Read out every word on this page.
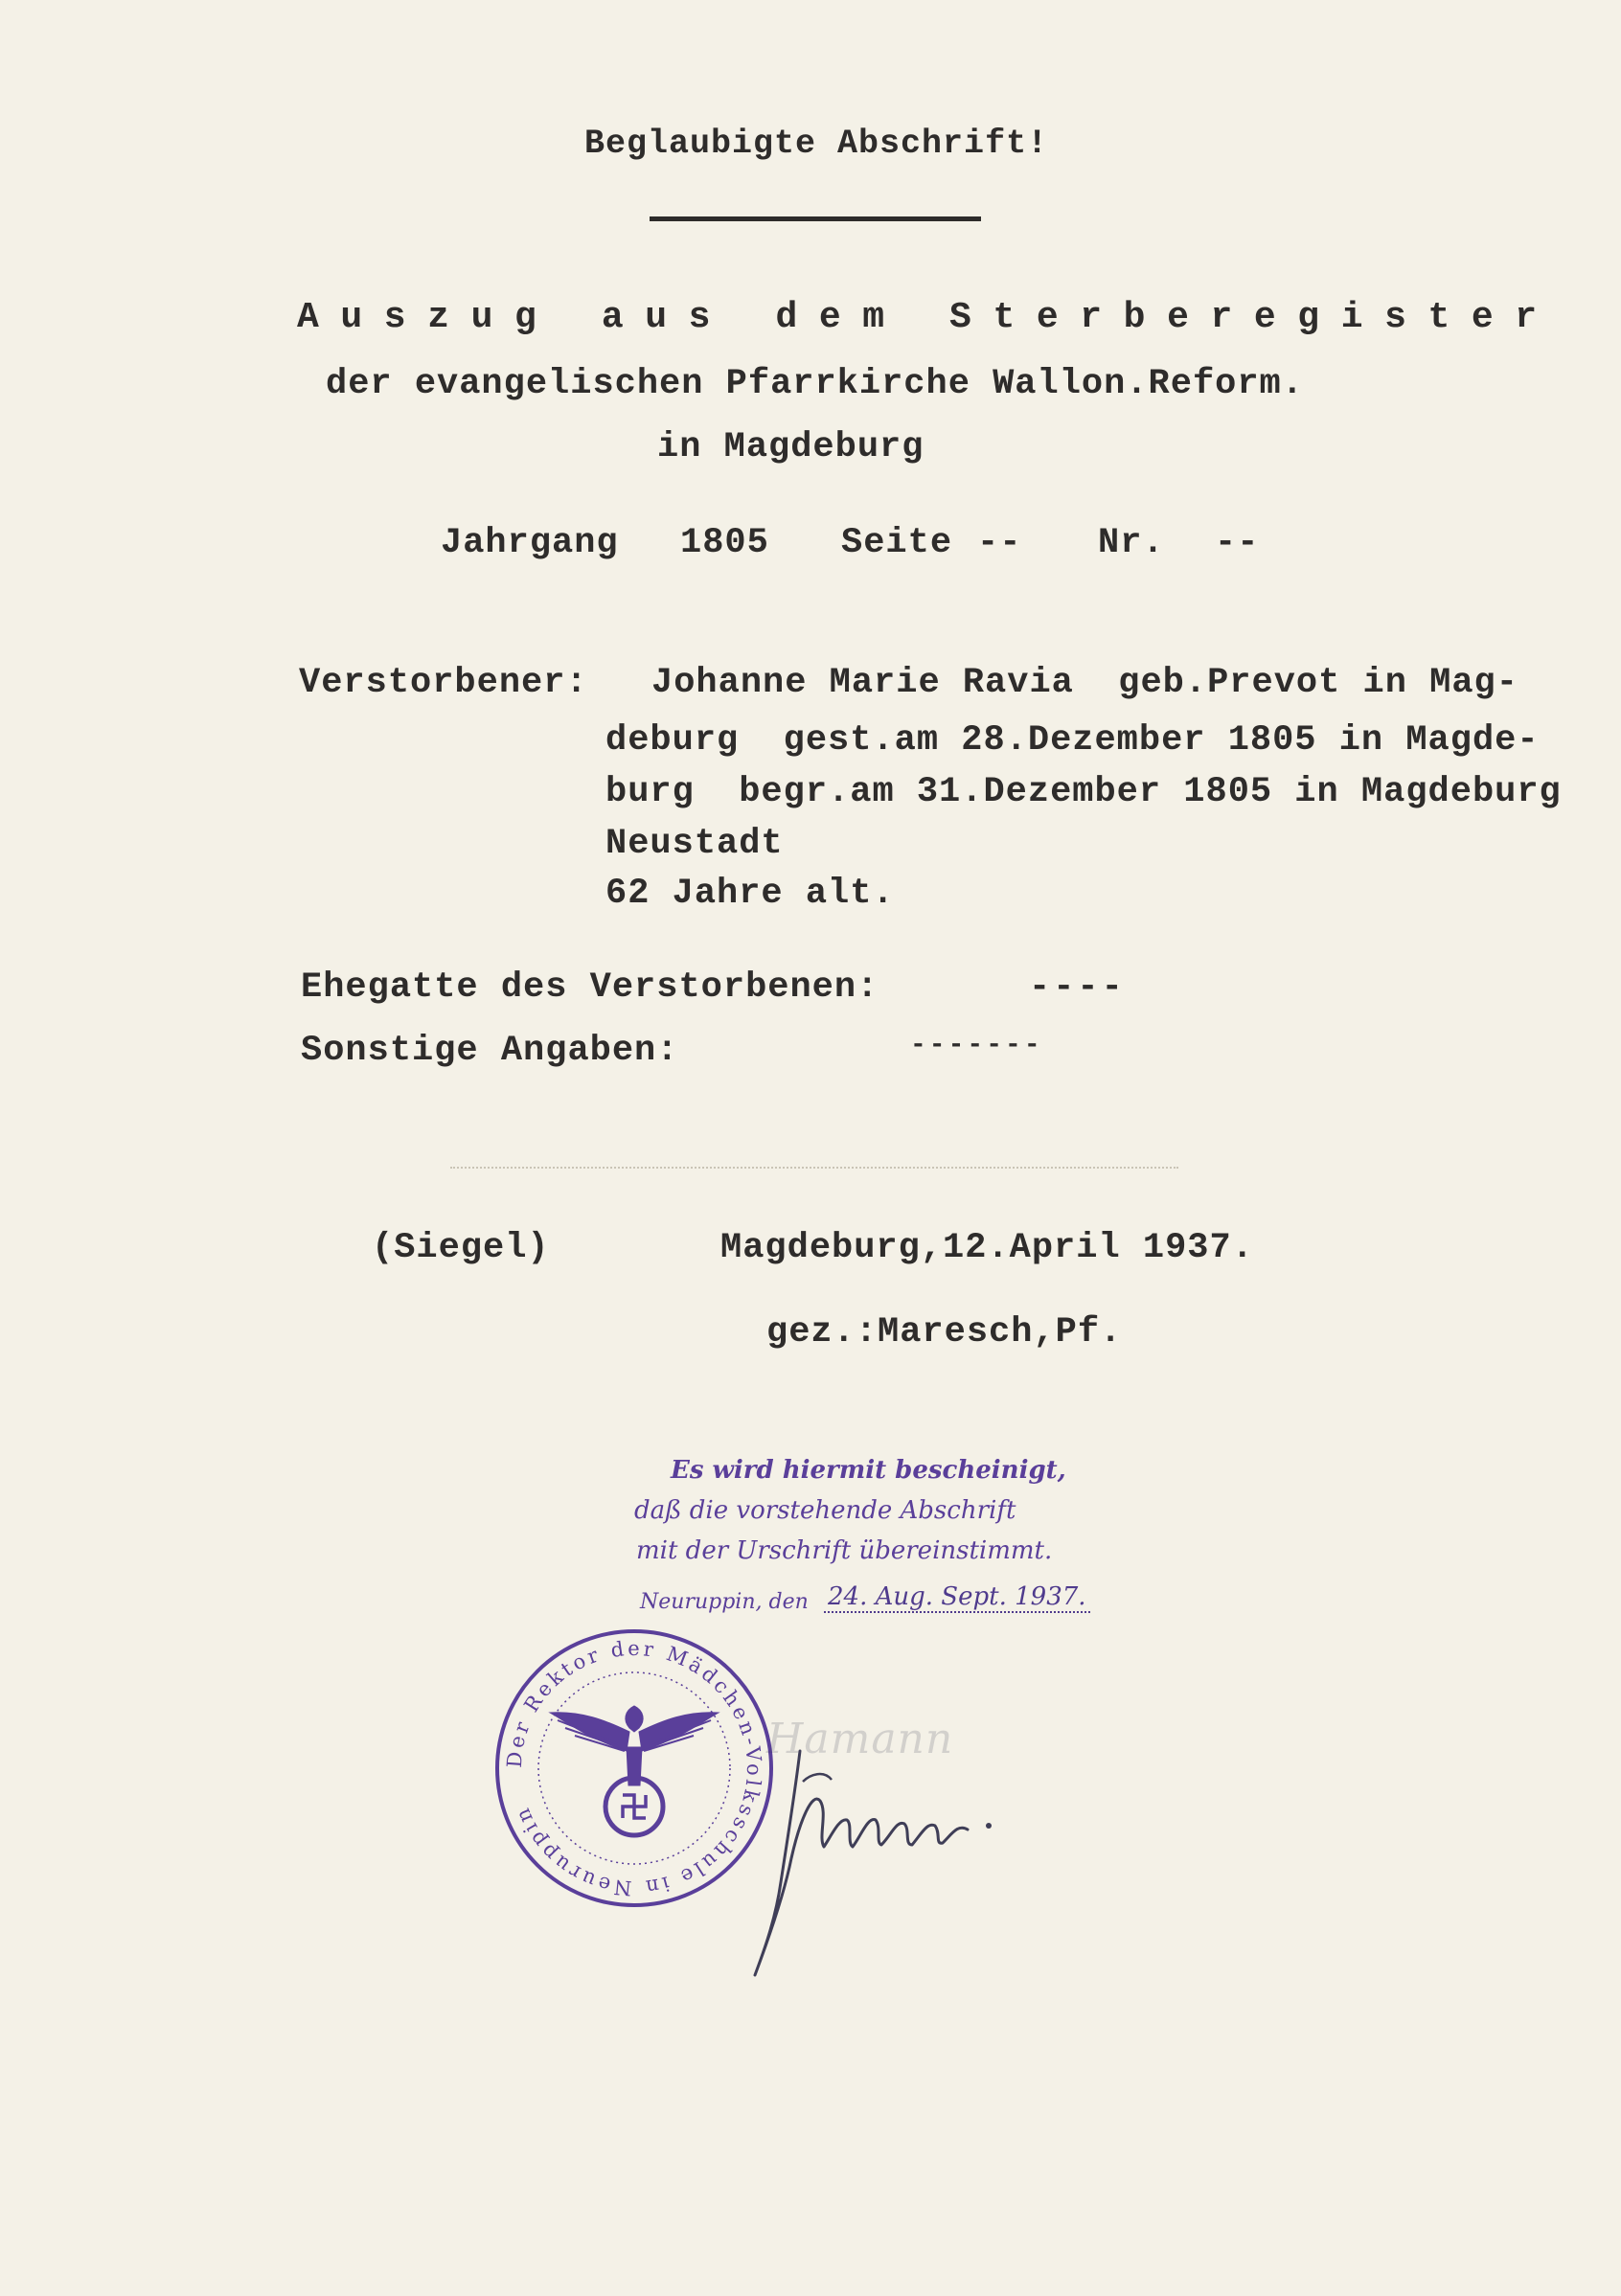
Beglaubigte Abschrift!
Auszug aus dem Sterberegister
der evangelischen Pfarrkirche Wallon.Reform.
in Magdeburg
Jahrgang 1805 Seite -- Nr. --
Verstorbener: Johanne Marie Ravia  geb.Prevot in Mag-
deburg  gest.am 28.Dezember 1805 in Magde-
burg  begr.am 31.Dezember 1805 in Magdeburg
Neustadt
62 Jahre alt.
Ehegatte des Verstorbenen:	----
Sonstige Angaben:	-------
(Siegel)	Magdeburg,12.April 1937.
gez.:Maresch,Pf.
Es wird hiermit bescheinigt,
daß die vorstehende Abschrift
mit der Urschrift übereinstimmt.
Neuruppin, den 24. Aug. Sept. 1937.
Der Rektor der Mädchen-Volksschule in Neuruppin
Hamann
